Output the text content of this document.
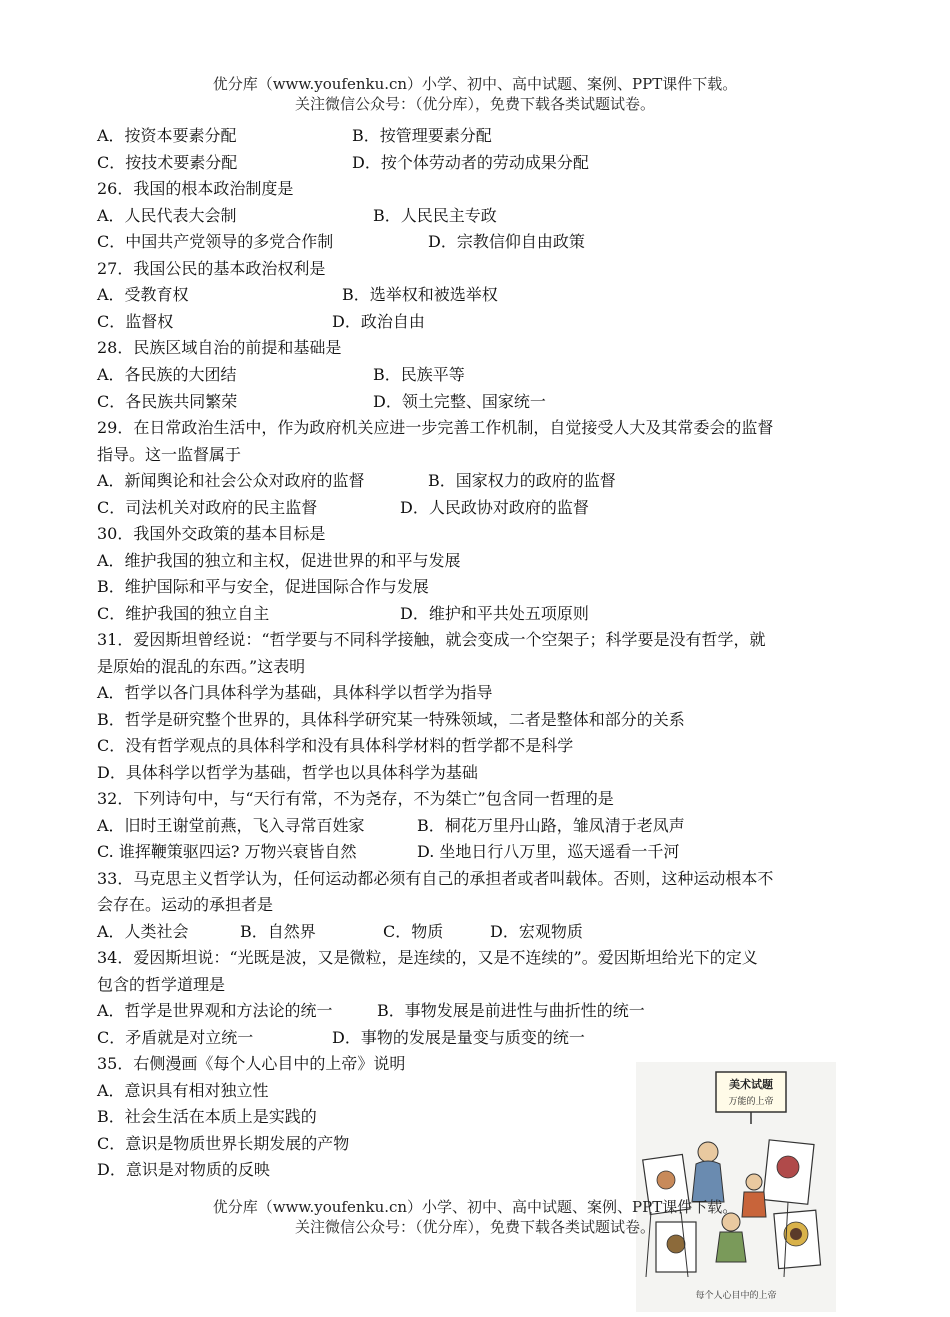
优分库（www.youfenku.cn）小学、初中、高中试题、案例、PPT课件下载。
关注微信公众号：（优分库），免费下载各类试题试卷。
A．按资本要素分配	B．按管理要素分配
C．按技术要素分配	D．按个体劳动者的劳动成果分配
26．我国的根本政治制度是
A．人民代表大会制	B．人民民主专政
C．中国共产党领导的多党合作制	D．宗教信仰自由政策
27．我国公民的基本政治权利是
A．受教育权	B．选举权和被选举权
C．监督权	D．政治自由
28．民族区域自治的前提和基础是
A．各民族的大团结	B．民族平等
C．各民族共同繁荣	D．领土完整、国家统一
29．在日常政治生活中，作为政府机关应进一步完善工作机制，自觉接受人大及其常委会的监督
指导。这一监督属于
A．新闻舆论和社会公众对政府的监督	B．国家权力的政府的监督
C．司法机关对政府的民主监督	D．人民政协对政府的监督
30．我国外交政策的基本目标是
A．维护我国的独立和主权，促进世界的和平与发展
B．维护国际和平与安全，促进国际合作与发展
C．维护我国的独立自主	D．维护和平共处五项原则
31．爱因斯坦曾经说：“哲学要与不同科学接触，就会变成一个空架子；科学要是没有哲学，就
是原始的混乱的东西。”这表明
A．哲学以各门具体科学为基础，具体科学以哲学为指导
B．哲学是研究整个世界的，具体科学研究某一特殊领域，二者是整体和部分的关系
C．没有哲学观点的具体科学和没有具体科学材料的哲学都不是科学
D．具体科学以哲学为基础，哲学也以具体科学为基础
32．下列诗句中，与“天行有常，不为尧存，不为桀亡”包含同一哲理的是
A．旧时王谢堂前燕，飞入寻常百姓家	B．桐花万里丹山路，雏凤清于老凤声
C. 谁挥鞭策驱四运? 万物兴衰皆自然	D. 坐地日行八万里，巡天遥看一千河
33．马克思主义哲学认为，任何运动都必须有自己的承担者或者叫载体。否则，这种运动根本不
会存在。运动的承担者是
A．人类社会	B．自然界	C．物质	D．宏观物质
34．爱因斯坦说：“光既是波，又是微粒，是连续的，又是不连续的”。爱因斯坦给光下的定义
包含的哲学道理是
A．哲学是世界观和方法论的统一	B．事物发展是前进性与曲折性的统一
C．矛盾就是对立统一	D．事物的发展是量变与质变的统一
35．右侧漫画《每个人心目中的上帝》说明
A．意识具有相对独立性
B．社会生活在本质上是实践的
C．意识是物质世界长期发展的产物
D．意识是对物质的反映
美术试题
万能的上帝
每个人心目中的上帝
优分库（www.youfenku.cn）小学、初中、高中试题、案例、PPT课件下载。
关注微信公众号：（优分库），免费下载各类试题试卷。
